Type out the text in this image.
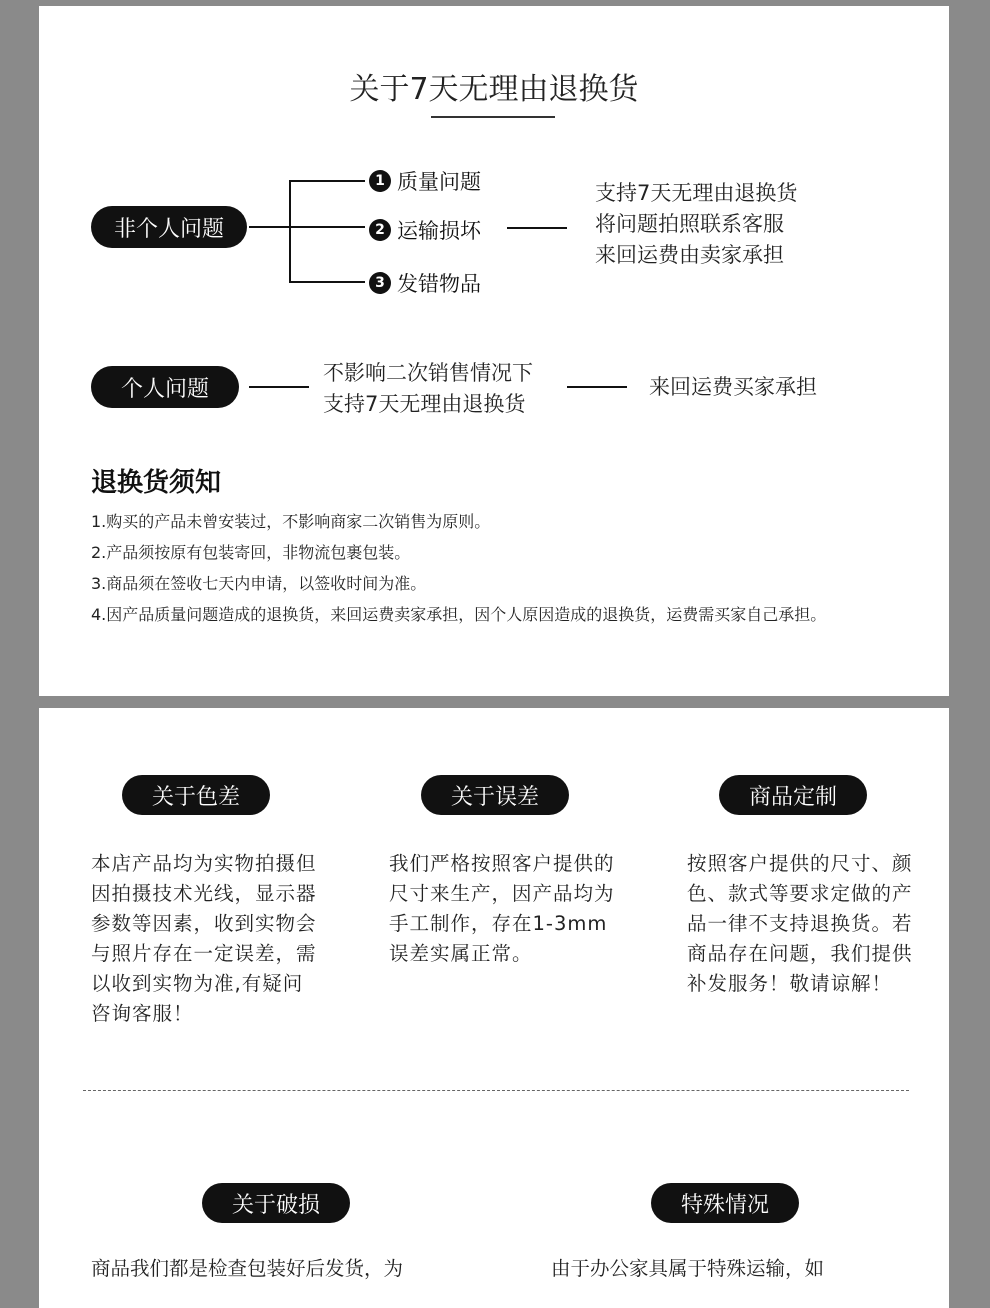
关于7天无理由退换货
非个人问题
1 质量问题
2 运输损坏
3 发错物品
支持7天无理由退换货
将问题拍照联系客服
来回运费由卖家承担
个人问题
不影响二次销售情况下
支持7天无理由退换货
来回运费买家承担
退换货须知
1.购买的产品未曾安装过，不影响商家二次销售为原则。
2.产品须按原有包装寄回，非物流包裹包装。
3.商品须在签收七天内申请，以签收时间为准。
4.因产品质量问题造成的退换货，来回运费卖家承担，因个人原因造成的退换货，运费需买家自己承担。
关于色差	关于误差	商品定制
本店产品均为实物拍摄但因拍摄技术光线，显示器参数等因素，收到实物会与照片存在一定误差，需以收到实物为准,有疑问咨询客服！
我们严格按照客户提供的尺寸来生产，因产品均为手工制作，存在1-3mm误差实属正常。
按照客户提供的尺寸、颜色、款式等要求定做的产品一律不支持退换货。若商品存在问题，我们提供补发服务！敬请谅解！
关于破损	特殊情况
商品我们都是检查包装好后发货，为	由于办公家具属于特殊运输，如
